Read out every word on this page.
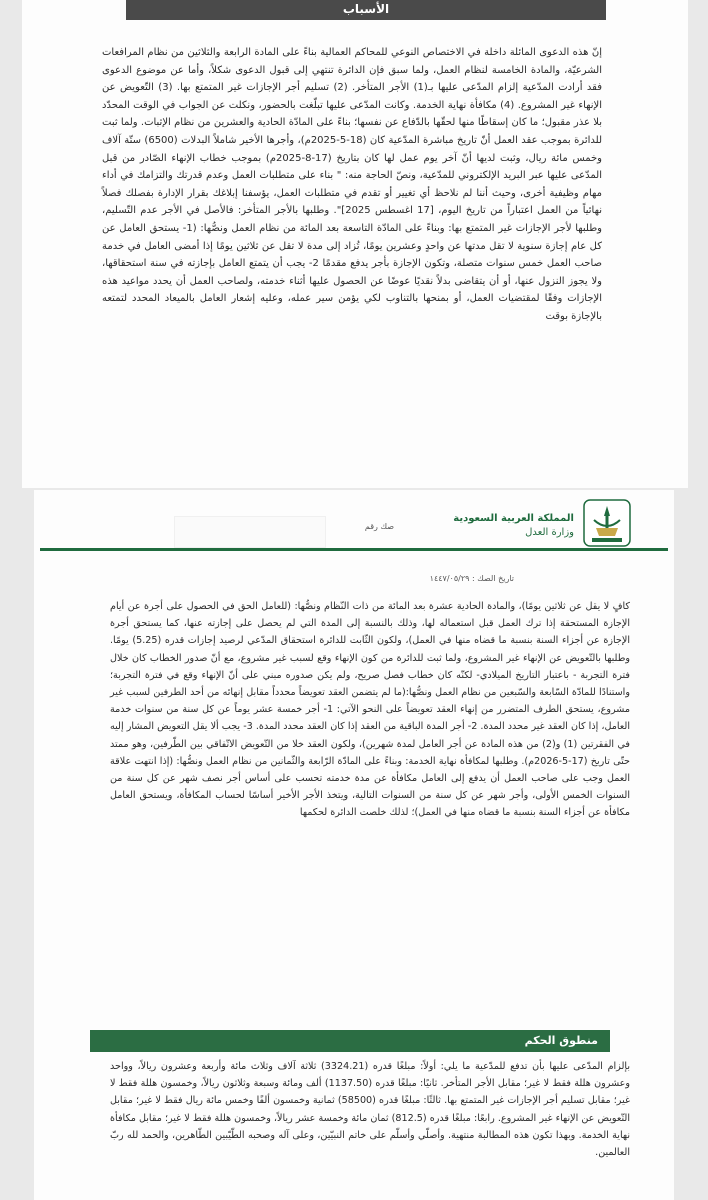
الأسباب

إنّ هذه الدعوى المائلة داخلة في الاختصاص النوعي للمحاكم العمالية بناءً على المادة الرابعة والثلاثين من نظام المرافعات الشرعيّة، والمادة الخامسة لنظام العمل، ولما سبق فإن الدائرة تنتهي إلى قبول الدعوى شكلاً، وأما عن موضوع الدعوى فقد أرادت المدّعية إلزام المدّعى عليها بـ(1) الأجر المتأخر. (2) تسليم أجر الإجازات غير المتمتع بها. (3) التّعويض عن الإنهاء غير المشروع. (4) مكافأة نهاية الخدمة. وكانت المدّعى عليها تبلّغت بالحضور، ونكلت عن الجواب في الوقت المحدّد بلا عذر مقبول؛ ما كان إسقاطًا منها لحقّها بالدّفاع عن نفسها؛ بناءً على المادّة الحادية والعشرين من نظام الإثبات. ولما ثبت للدائرة بموجب عقد العمل أنّ تاريخ مباشرة المدّعية كان (18-5-2025م)، وأجرها الأخير شاملاً البدلات (6500) ستّة آلاف وخمس مائة ريال، وثبت لديها أنّ آخر يوم عمل لها كان بتاريخ (17-8-2025م) بموجب خطاب الإنهاء الصّادر من قبل المدّعى عليها عبر البريد الإلكتروني للمدّعية، ونصّ الحاجة منه: " بناء على متطلبات العمل وعدم قدرتك والتزامك في أداء مهام وظيفية أخرى، وحيث أننا لم نلاحظ أي تغيير أو تقدم في متطلبات العمل، يؤسفنا إبلاغك بقرار الإدارة بفصلك فصلاً نهائياً من العمل اعتباراً من تاريخ اليوم، [17 اغسطس 2025]". وطلبها بالأجر المتأخر: فالأصل في الأجر عدم التّسليم، وطلبها لأجر الإجازات غير المتمتع بها: وبناءً على المادّة التاسعة بعد المائة من نظام العمل ونصُّها: (1- يستحق العامل عن كل عام إجازة سنوية لا تقل مدتها عن واحدٍ وعشرين يومًا، تُزاد إلى مدة لا تقل عن ثلاثين يومًا إذا أمضى العامل في خدمة صاحب العمل خمس سنوات متصلة، وتكون الإجازة بأجر يدفع مقدمًا 2- يجب أن يتمتع العامل بإجازته في سنة استحقاقها، ولا يجوز النزول عنها، أو أن يتقاضى بدلاً نقديًا عوضًا عن الحصول عليها أثناء خدمته، ولصاحب العمل أن يحدد مواعيد هذه الإجازات وفقًا لمقتضيات العمل، أو بمنحها بالتناوب لكي يؤمن سير عمله، وعليه إشعار العامل بالميعاد المحدد لتمتعه بالإجازة بوقت

المملكة العربية السعودية
وزارة العدل
صك رقم
تاريخ الصك : ١٤٤٧/٠٥/٢٩

كافٍ لا يقل عن ثلاثين يومًا)، والمادة الحادية عشرة بعد المائة من ذات النّظام ونصُّها: (للعامل الحق في الحصول على أجرة عن أيام الإجازة المستحقة إذا ترك العمل قبل استعماله لها، وذلك بالنسبة إلى المدة التي لم يحصل على إجازته عنها، كما يستحق أجرة الإجازة عن أجزاء السنة بنسبة ما قضاه منها في العمل)، ولكون الثّابت للدائرة استحقاق المدّعي لرصيد إجازات قدره (5.25) يومًا. وطلبها بالتّعويض عن الإنهاء غير المشروع، ولما ثبت للدائرة من كون الإنهاء وقع لسبب غير مشروع، مع أنّ صدور الخطاب كان خلال فترة التجربة - باعتبار التاريخ الميلادي- لكنّه كان خطاب فصل صريح، ولم يكن صدوره مبني على أنّ الإنهاء وقع في فترة التجربة؛ واستنادًا للمادّة السّابعة والسّبعين من نظام العمل ونصُّها:(ما لم يتضمن العقد تعويضاً محدداً مقابل إنهائه من أحد الطرفين لسبب غير مشروع، يستحق الطرف المتضرر من إنهاء العقد تعويضاً على النحو الآتي: 1- أجر خمسة عشر يوماً عن كل سنة من سنوات خدمة العامل، إذا كان العقد غير محدد المدة. 2- أجر المدة الباقية من العقد إذا كان العقد محدد المدة. 3- يجب ألا يقل التعويض المشار إليه في الفقرتين (1) و(2) من هذه المادة عن أجر العامل لمدة شهرين)، ولكون العقد خلا من التّعويض الاتّفاقي بين الطّرفين، وهو ممتد حتّى تاريخ (17-5-2026م). وطلبها لمكافأة نهاية الخدمة: وبناءً على المادّة الرّابعة والثّمانين من نظام العمل ونصُّها: (إذا انتهت علاقة العمل وجب على صاحب العمل أن يدفع إلى العامل مكافأة عن مدة خدمته تحسب على أساس أجر نصف شهر عن كل سنة من السنوات الخمس الأولى، وأجر شهر عن كل سنة من السنوات التالية، ويتخذ الأجر الأخير أساسًا لحساب المكافأة، ويستحق العامل مكافأة عن أجزاء السنة بنسبة ما قضاه منها في العمل)؛ لذلك خلصت الدائرة لحكمها

منطوق الحكم

بإلزام المدّعى عليها بأن تدفع للمدّعية ما يلي: أولاً: مبلغًا قدره (3324.21) ثلاثة آلاف وثلاث مائة وأربعة وعشرون ريالاً، وواحد وعشرون هللة فقط لا غير؛ مقابل الأجر المتأخر. ثانيًا: مبلغًا قدره (1137.50) ألف ومائة وسبعة وثلاثون ريالاً، وخمسون هللة فقط لا غير؛ مقابل تسليم أجر الإجازات غير المتمتع بها. ثالثًا: مبلغًا قدره (58500) ثمانية وخمسون ألفًا وخمس مائة ريال فقط لا غير؛ مقابل التّعويض عن الإنهاء غير المشروع. رابعًا: مبلغًا قدره (812.5) ثمان مائة وخمسة عشر ريالاً، وخمسون هللة فقط لا غير؛ مقابل مكافأة نهاية الخدمة. وبهذا تكون هذه المطالبة منتهية. وأصلّي وأسلّم على خاتم النبيّين، وعلى آله وصحبه الطّيّبين الطّاهرين، والحمد لله ربّ العالمين.
